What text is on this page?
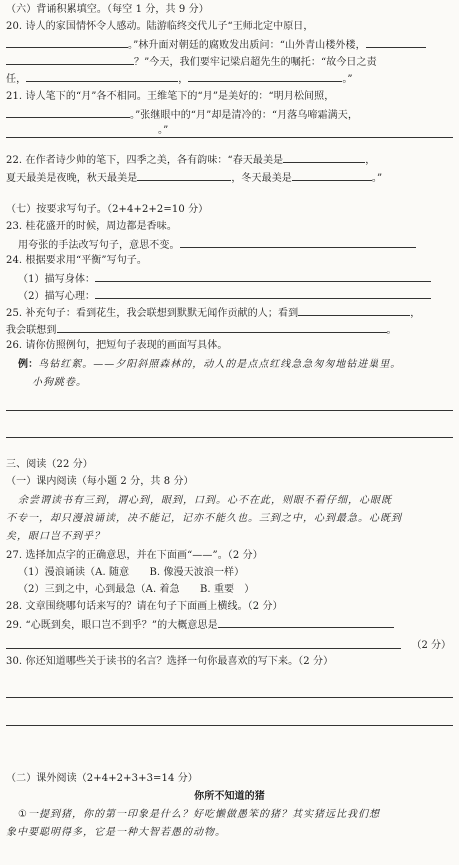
（六）背诵积累填空。（每空 1 分，共 9 分）
20. 诗人的家国情怀令人感动。陆游临终交代儿子“王师北定中原日，
。”林升面对朝廷的腐败发出质问：“山外青山楼外楼，
？”今天，我们要牢记梁启超先生的嘱托：“故今日之责
任，	，	。”
21. 诗人笔下的“月”各不相同。王维笔下的“月”是美好的：“明月松间照，
。”张继眼中的“月”却是清冷的：“月落乌啼霜满天，
。”
22. 在作者诗少帅的笔下，四季之美，各有韵味：“春天最美是	，
夏天最美是夜晚，秋天最美是	，冬天最美是	。”
（七）按要求写句子。（2+4+2+2=10 分）
23. 桂花盛开的时候，周边都是香味。
用夸张的手法改写句子，意思不变。
24. 根据要求用“平衡”写句子。
（1）描写身体：
（2）描写心理：
25. 补充句子：看到花生，我会联想到默默无闻作贡献的人；看到	，
我会联想到	。
26. 请你仿照例句，把短句子表现的画面写具体。
例：鸟钻红絮。——夕阳斜照森林的，动人的是点点红线急急匆匆地钻进巢里。
小狗跳卷。
三、阅读（22 分）
（一）课内阅读（每小题 2 分，共 8 分）
余尝谓读书有三到，谓心到，眼到，口到。心不在此，则眼不看仔细，心眼既
不专一，却只漫浪诵读，决不能记，记亦不能久也。三到之中，心到最急。心既到
矣，眼口岂不到乎？
27. 选择加点字的正确意思，并在下面画“——”。（2 分）
（1）漫浪诵读（A. 随意　　B. 像漫天波浪一样）
（2）三到之中，心到最急（A. 着急　　B. 重要　）
28. 文章围绕哪句话来写的？请在句子下面画上横线。（2 分）
29. “心既到矣，眼口岂不到乎？”的大概意思是
（2 分）
30. 你还知道哪些关于读书的名言？选择一句你最喜欢的写下来。（2 分）
（二）课外阅读（2+4+2+3+3=14 分）
你所不知道的猪
①一提到猪，你的第一印象是什么？好吃懒做愚笨的猪？其实猪远比我们想
象中要聪明得多，它是一种大智若愚的动物。
